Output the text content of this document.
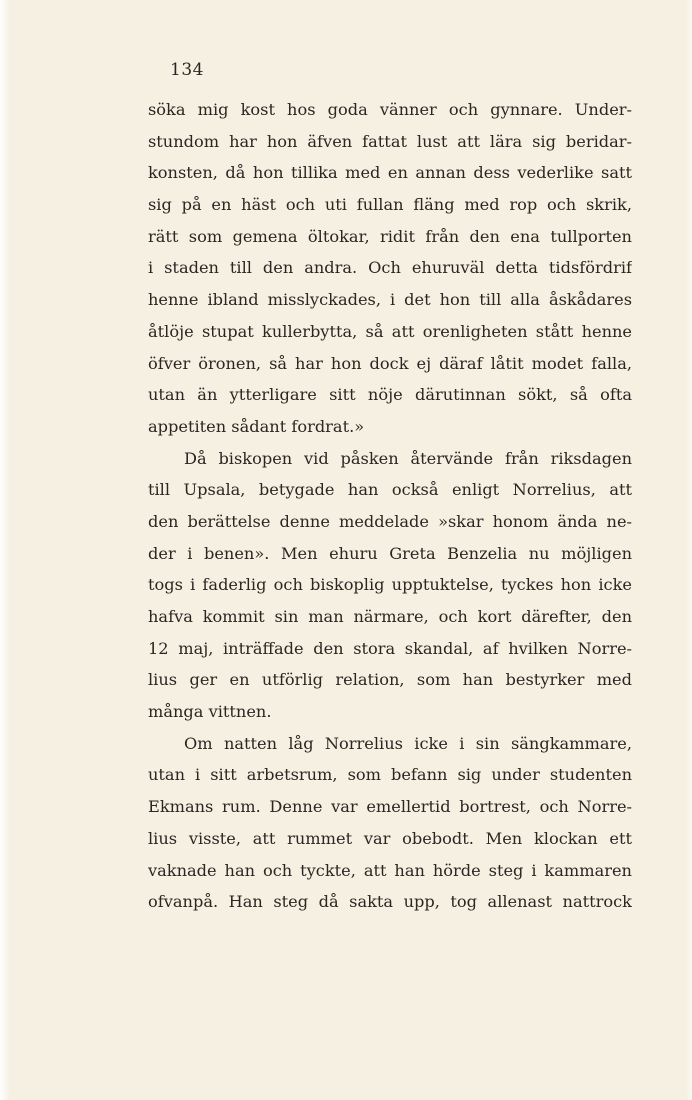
134
söka mig kost hos goda vänner och gynnare. Under-
stundom har hon äfven fattat lust att lära sig beridar-
konsten, då hon tillika med en annan dess vederlike satt
sig på en häst och uti fullan fläng med rop och skrik,
rätt som gemena öltokar, ridit från den ena tullporten
i staden till den andra. Och ehuruväl detta tidsfördrif
henne ibland misslyckades, i det hon till alla åskådares
åtlöje stupat kullerbytta, så att orenligheten stått henne
öfver öronen, så har hon dock ej däraf låtit modet falla,
utan än ytterligare sitt nöje därutinnan sökt, så ofta
appetiten sådant fordrat.»
Då biskopen vid påsken återvände från riksdagen
till Upsala, betygade han också enligt Norrelius, att
den berättelse denne meddelade »skar honom ända ne-
der i benen». Men ehuru Greta Benzelia nu möjligen
togs i faderlig och biskoplig upptuktelse, tyckes hon icke
hafva kommit sin man närmare, och kort därefter, den
12 maj, inträffade den stora skandal, af hvilken Norre-
lius ger en utförlig relation, som han bestyrker med
många vittnen.
Om natten låg Norrelius icke i sin sängkammare,
utan i sitt arbetsrum, som befann sig under studenten
Ekmans rum. Denne var emellertid bortrest, och Norre-
lius visste, att rummet var obebodt. Men klockan ett
vaknade han och tyckte, att han hörde steg i kammaren
ofvanpå. Han steg då sakta upp, tog allenast nattrock
